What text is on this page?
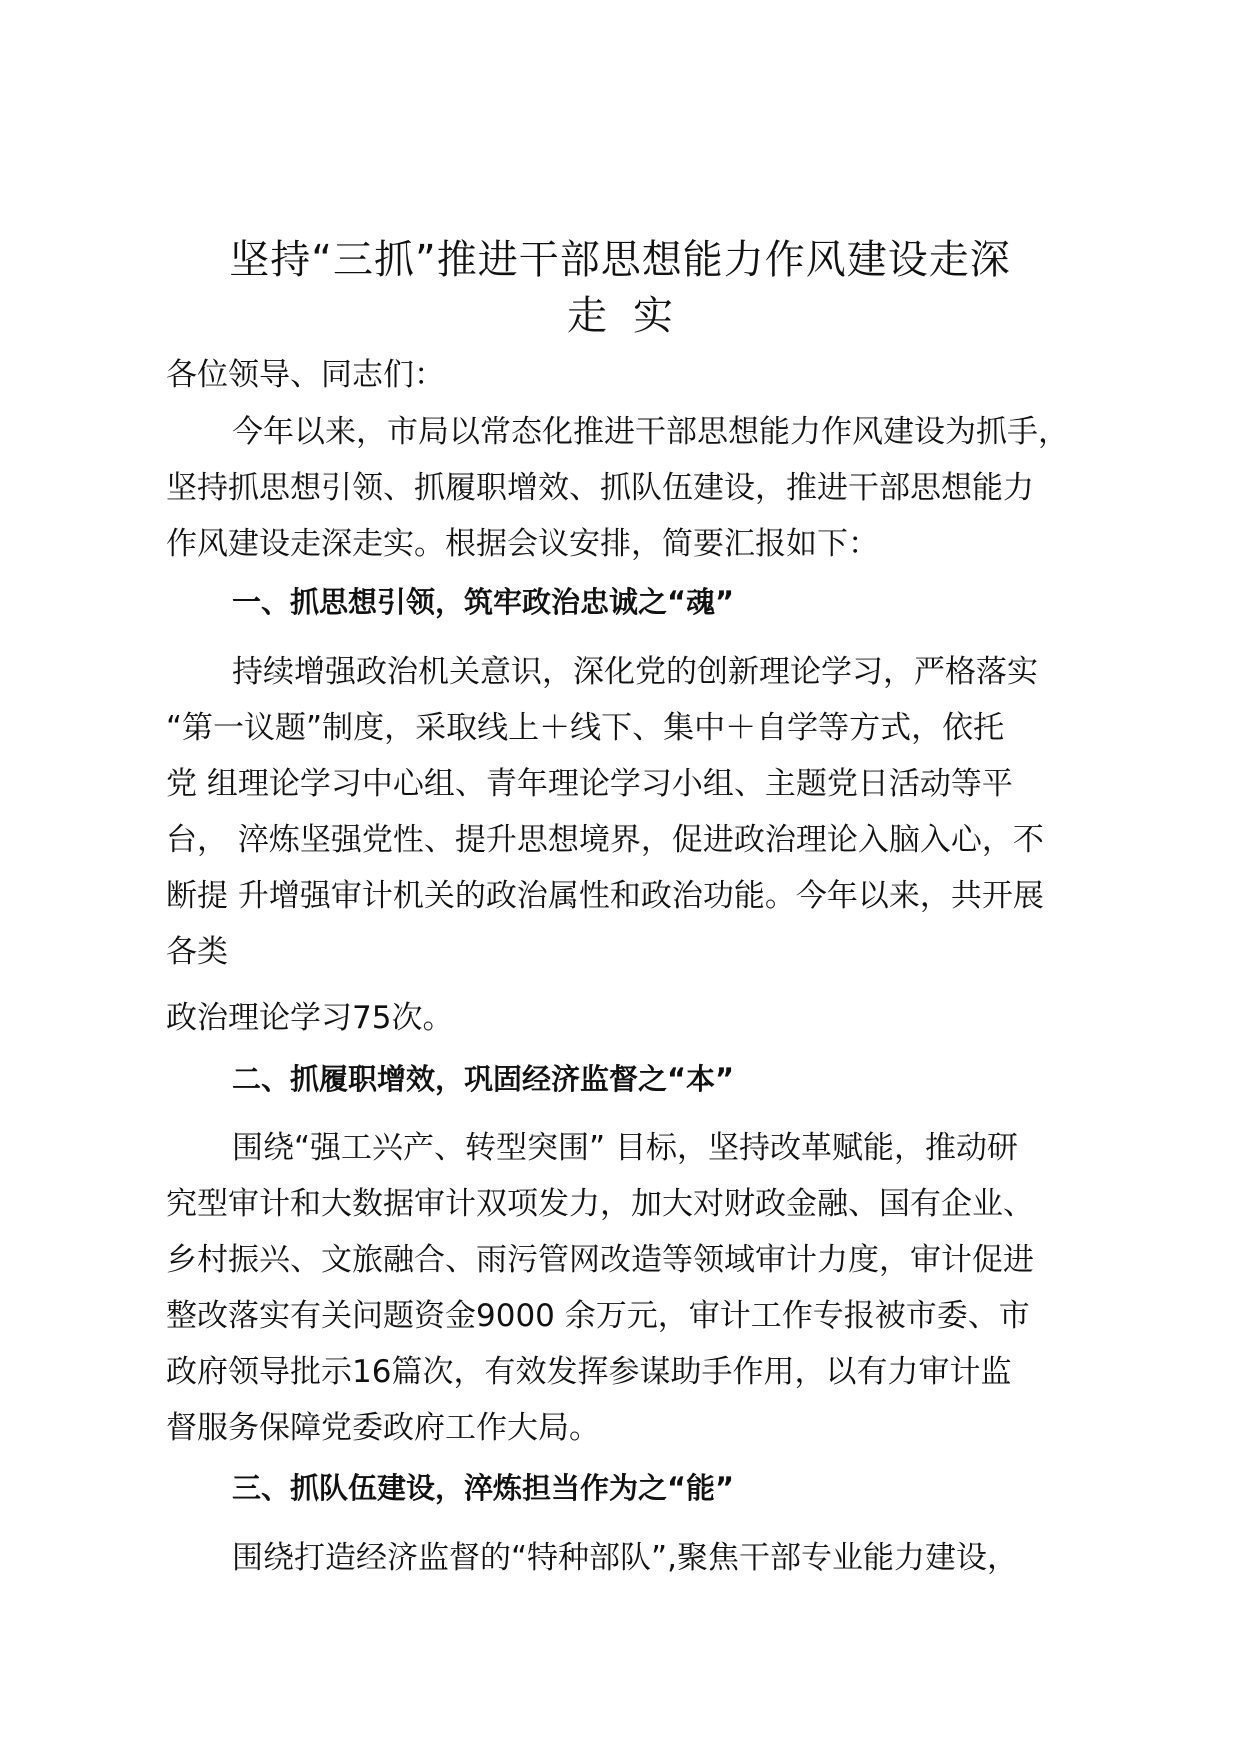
坚持“三抓”推进干部思想能力作风建设走深
走实

各位领导、同志们：

今年以来，市局以常态化推进干部思想能力作风建设为抓手，

坚持抓思想引领、抓履职增效、抓队伍建设，推进干部思想能力

作风建设走深走实。根据会议安排，简要汇报如下：

一、抓思想引领，筑牢政治忠诚之“魂”

持续增强政治机关意识，深化党的创新理论学习，严格落实

“第一议题”制度，采取线上＋线下、集中＋自学等方式，依托

党 组理论学习中心组、青年理论学习小组、主题党日活动等平

台， 淬炼坚强党性、提升思想境界，促进政治理论入脑入心，不

断提 升增强审计机关的政治属性和政治功能。今年以来，共开展

各类

政治理论学习75次。

二、抓履职增效，巩固经济监督之“本”

围绕“强工兴产、转型突围” 目标，坚持改革赋能，推动研

究型审计和大数据审计双项发力，加大对财政金融、国有企业、

乡村振兴、文旅融合、雨污管网改造等领域审计力度，审计促进

整改落实有关问题资金9000 余万元，审计工作专报被市委、市

政府领导批示16篇次，有效发挥参谋助手作用，以有力审计监

督服务保障党委政府工作大局。

三、抓队伍建设，淬炼担当作为之“能”

围绕打造经济监督的“特种部队”,聚焦干部专业能力建设，
